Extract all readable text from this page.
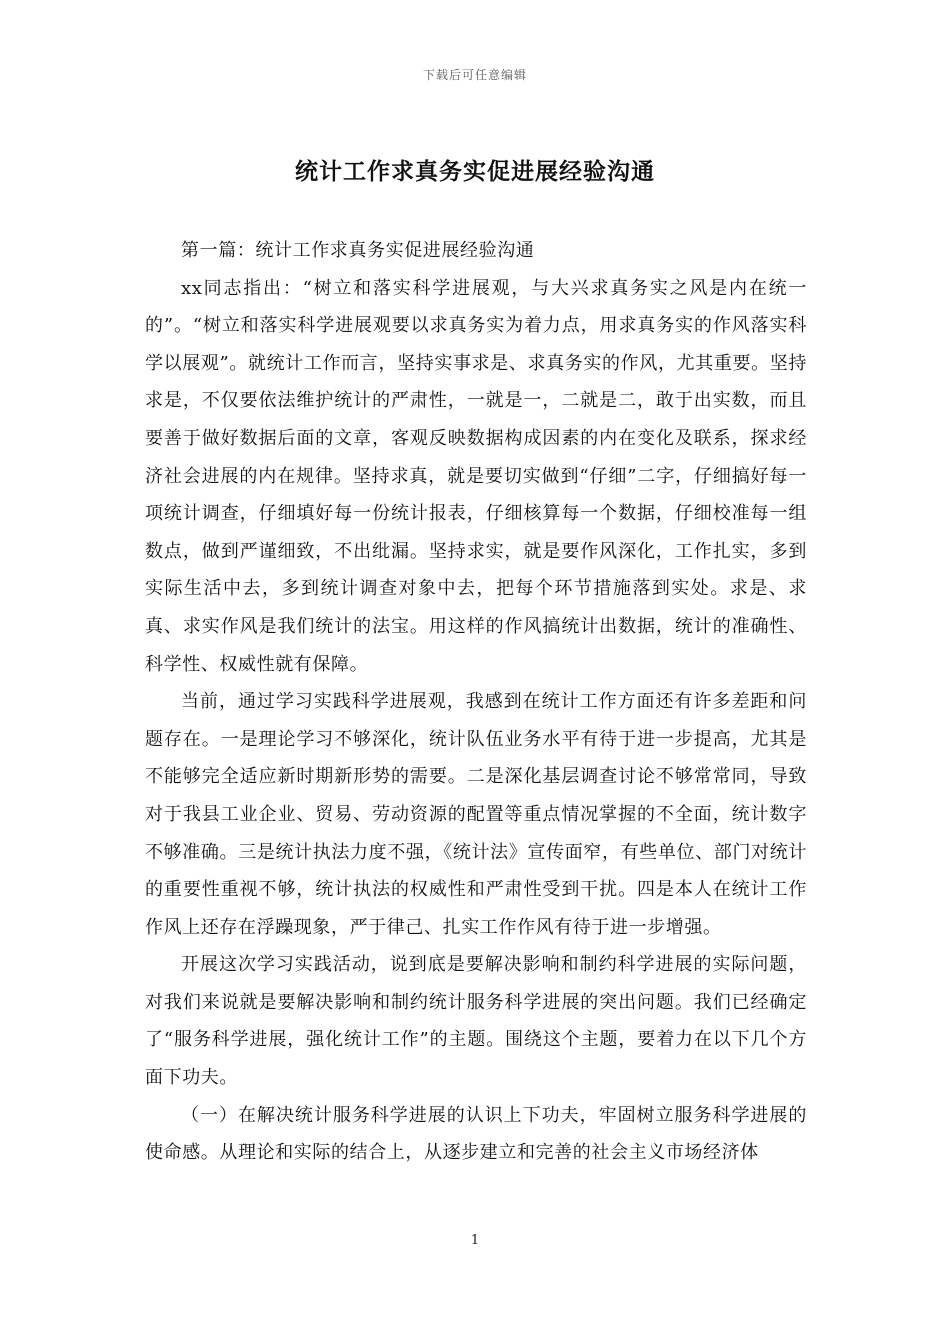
下载后可任意编辑
统计工作求真务实促进展经验沟通

第一篇：统计工作求真务实促进展经验沟通

xx同志指出：“树立和落实科学进展观，与大兴求真务实之风是内在统一的”。“树立和落实科学进展观要以求真务实为着力点，用求真务实的作风落实科学以展观”。就统计工作而言，坚持实事求是、求真务实的作风，尤其重要。坚持求是，不仅要依法维护统计的严肃性，一就是一，二就是二，敢于出实数，而且要善于做好数据后面的文章，客观反映数据构成因素的内在变化及联系，探求经济社会进展的内在规律。坚持求真，就是要切实做到“仔细”二字，仔细搞好每一项统计调查，仔细填好每一份统计报表，仔细核算每一个数据，仔细校准每一组数点，做到严谨细致，不出纰漏。坚持求实，就是要作风深化，工作扎实，多到实际生活中去，多到统计调查对象中去，把每个环节措施落到实处。求是、求真、求实作风是我们统计的法宝。用这样的作风搞统计出数据，统计的准确性、科学性、权威性就有保障。

当前，通过学习实践科学进展观，我感到在统计工作方面还有许多差距和问题存在。一是理论学习不够深化，统计队伍业务水平有待于进一步提高，尤其是不能够完全适应新时期新形势的需要。二是深化基层调查讨论不够常常同，导致对于我县工业企业、贸易、劳动资源的配置等重点情况掌握的不全面，统计数字不够准确。三是统计执法力度不强，《统计法》宣传面窄，有些单位、部门对统计的重要性重视不够，统计执法的权威性和严肃性受到干扰。四是本人在统计工作作风上还存在浮躁现象，严于律己、扎实工作作风有待于进一步增强。

开展这次学习实践活动，说到底是要解决影响和制约科学进展的实际问题，对我们来说就是要解决影响和制约统计服务科学进展的突出问题。我们已经确定了“服务科学进展，强化统计工作”的主题。围绕这个主题，要着力在以下几个方面下功夫。

（一）在解决统计服务科学进展的认识上下功夫，牢固树立服务科学进展的使命感。从理论和实际的结合上，从逐步建立和完善的社会主义市场经济体

1
